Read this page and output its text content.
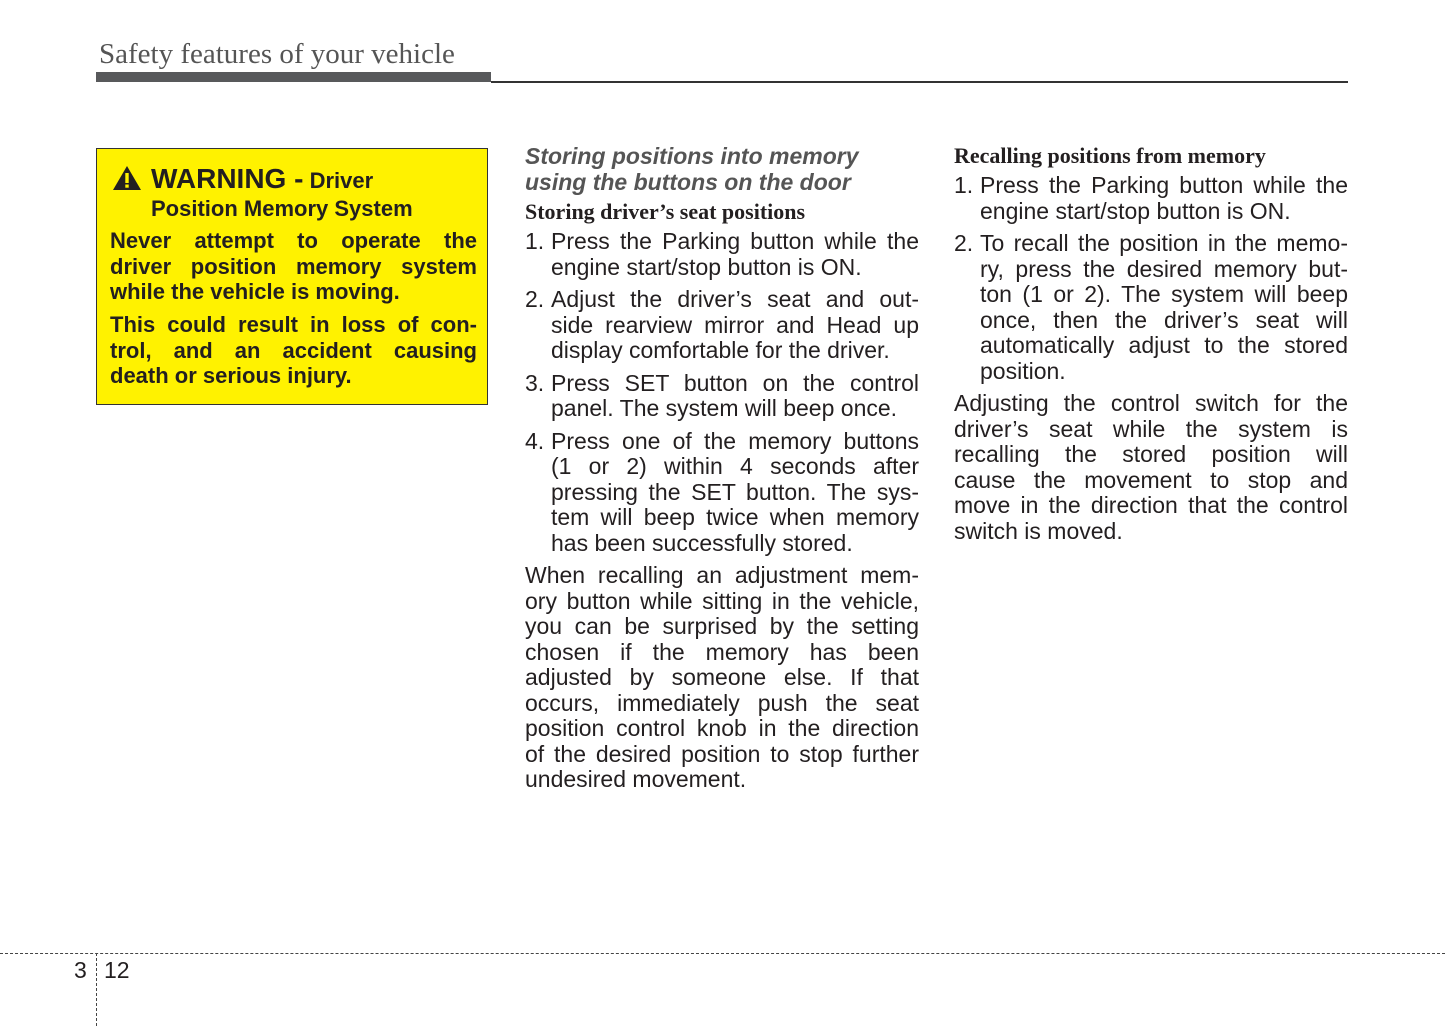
Safety features of your vehicle
WARNING - Driver
Position Memory System
Never attempt to operate the
driver position memory system
while the vehicle is moving.
This could result in loss of con-
trol, and an accident causing
death or serious injury.
Storing positions into memory
using the buttons on the door
Storing driver’s seat positions
1. Press the Parking button while the
engine start/stop button is ON.
2. Adjust the driver’s seat and out-
side rearview mirror and Head up
display comfortable for the driver.
3. Press SET button on the control
panel. The system will beep once.
4. Press one of the memory buttons
(1 or 2) within 4 seconds after
pressing the SET button. The sys-
tem will beep twice when memory
has been successfully stored.
When recalling an adjustment mem-
ory button while sitting in the vehicle,
you can be surprised by the setting
chosen if the memory has been
adjusted by someone else. If that
occurs, immediately push the seat
position control knob in the direction
of the desired position to stop further
undesired movement.
Recalling positions from memory
1. Press the Parking button while the
engine start/stop button is ON.
2. To recall the position in the memo-
ry, press the desired memory but-
ton (1 or 2). The system will beep
once, then the driver’s seat will
automatically adjust to the stored
position.
Adjusting the control switch for the
driver’s seat while the system is
recalling the stored position will
cause the movement to stop and
move in the direction that the control
switch is moved.
3 12
